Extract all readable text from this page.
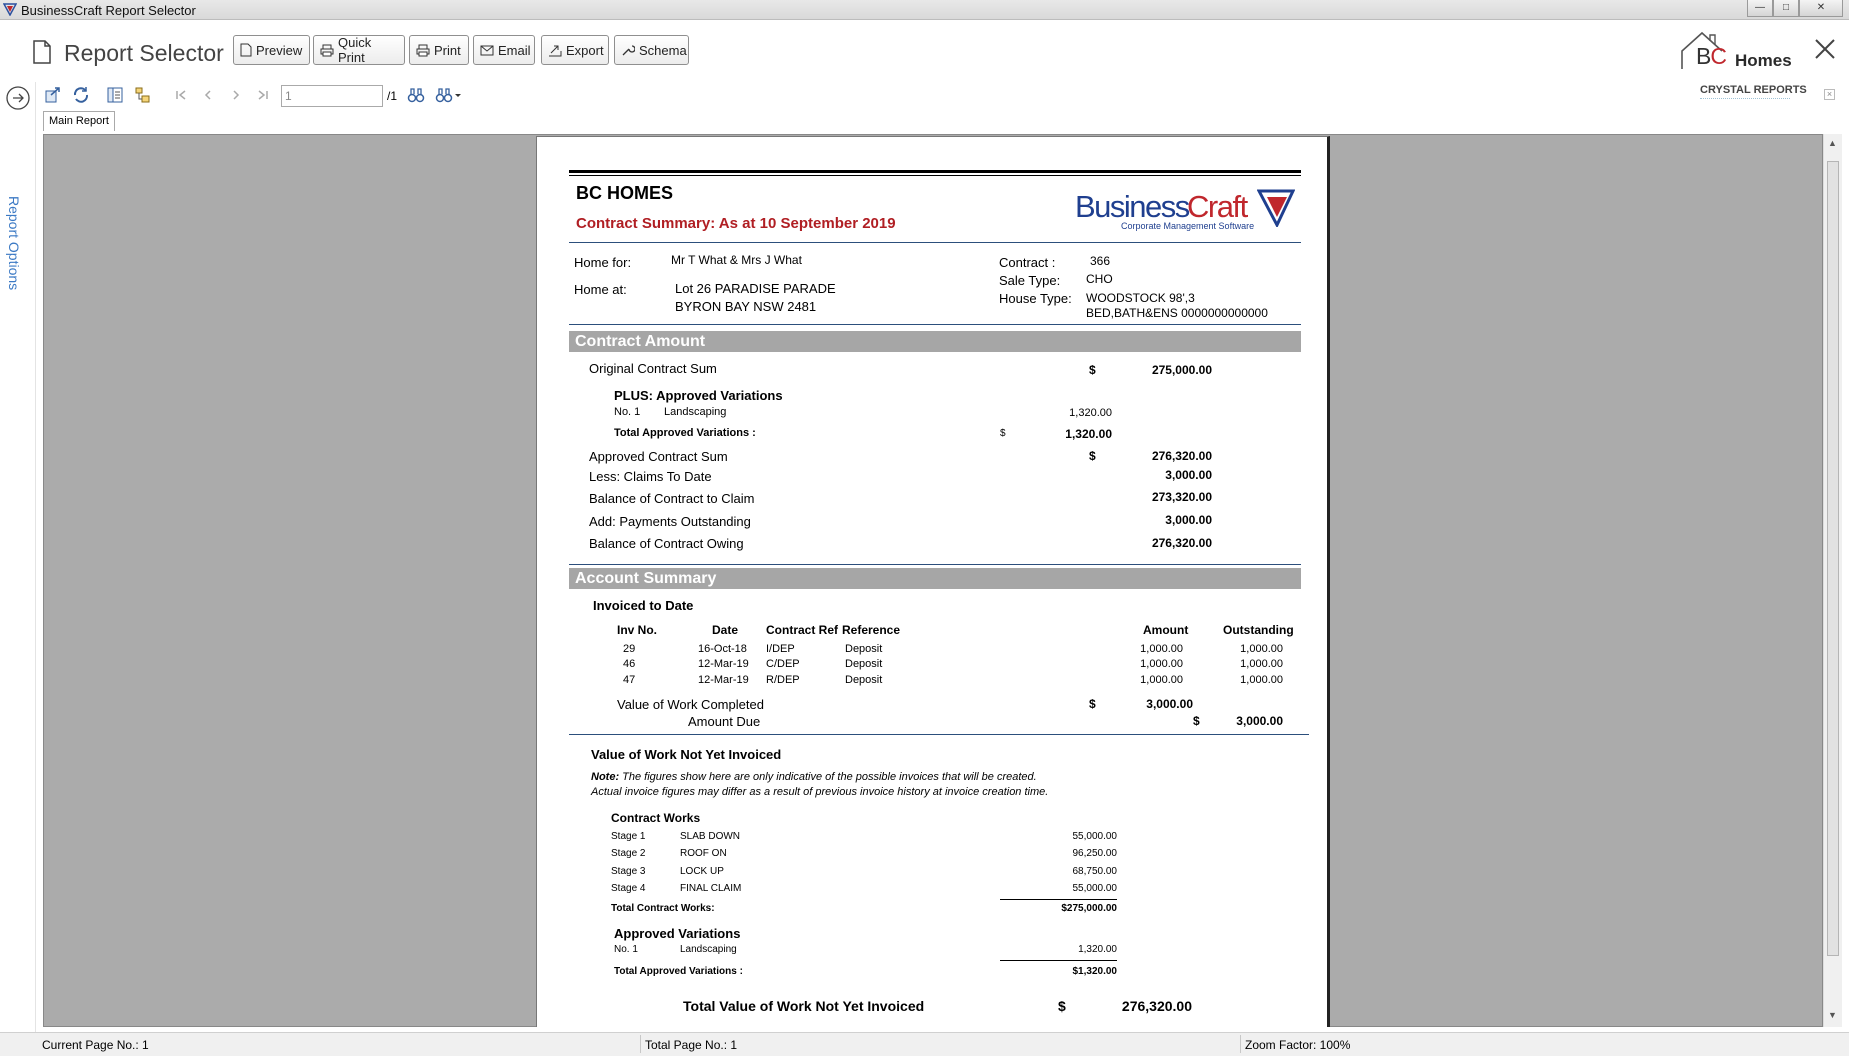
BusinessCraft Report Selector	—	□	✕
Report Selector Preview	Quick Print	Print	Email	Export	Schema	BC Homes
Report Options
1
/1	CRYSTAL REPORTS	×
Main Report
▲
▼
BC HOMES
Contract Summary: As at 10 September 2019	Business
Craft
Corporate Management Software
Home for:	Mr T What & Mrs J What
Home at:	Lot 26 PARADISE PARADE
BYRON BAY NSW 2481
Contract :	366
Sale Type: CHO
House Type: WOODSTOCK 98',3
BED,BATH&ENS 0000000000000
Contract Amount
Original Contract Sum	$	275,000.00
PLUS: Approved Variations
No. 1 Landscaping	1,320.00
Total Approved Variations :	$	1,320.00
Approved Contract Sum	$	276,320.00
Less: Claims To Date	3,000.00
Balance of Contract to Claim	273,320.00
Add: Payments Outstanding	3,000.00
Balance of Contract Owing	276,320.00
Account Summary
Invoiced to Date
Inv No.	Date Contract Ref Reference	Amount	Outstanding
29	16-Oct-18 I/DEP	Deposit	1,000.00	1,000.00
46	12-Mar-19 C/DEP	Deposit	1,000.00	1,000.00
47	12-Mar-19 R/DEP	Deposit	1,000.00	1,000.00
Value of Work Completed	$	3,000.00
Amount Due	$	3,000.00
Value of Work Not Yet Invoiced
Note: The figures show here are only indicative of the possible invoices that will be created.
Actual invoice figures may differ as a result of previous invoice history at invoice creation time.
Contract Works
Stage 1	SLAB DOWN	55,000.00
Stage 2	ROOF ON	96,250.00
Stage 3	LOCK UP	68,750.00
Stage 4	FINAL CLAIM	55,000.00
Total Contract Works:	$275,000.00
Approved Variations
No. 1	Landscaping	1,320.00
Total Approved Variations :	$1,320.00
Total Value of Work Not Yet Invoiced	$	276,320.00
Current Page No.: 1	Total Page No.: 1	Zoom Factor: 100%
